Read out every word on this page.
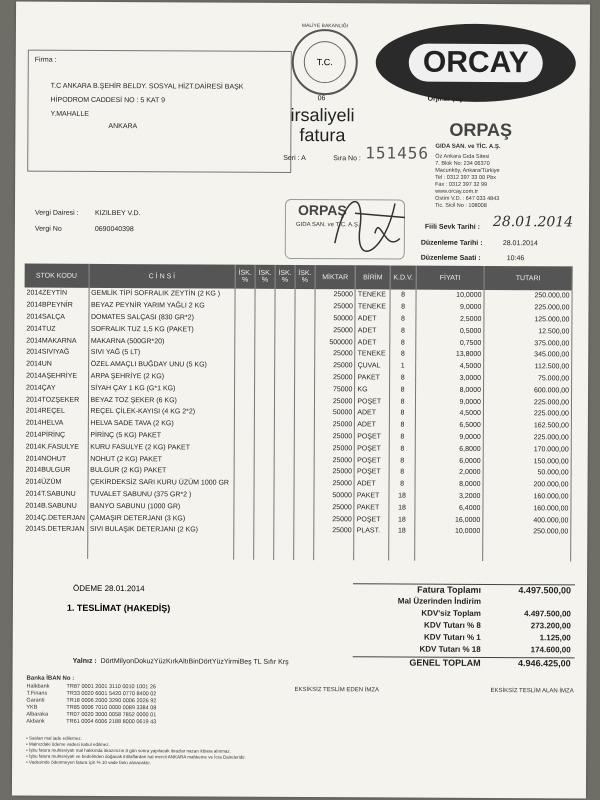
Firma :
T.C ANKARA B.ŞEHİR BELDY. SOSYAL HİZT.DAİRESİ BAŞK
HİPODROM CADDESİ NO : 5 KAT 9
Y.MAHALLE
ANKARA
Vergi Dairesi : KIZILBEY V.D.
Vergi No	0690040398
T.C.
MALİYE BAKANLIĞI
06
irsaliyeli
fatura
Seri : A	Sıra No : 151456
ORCAY
Orjinal çay
ORPAŞ
GIDA SAN. ve TİC. A.Ş.
Öz Ankara Gıda Sitesi
7. Blok No: 234 06370
Macunköy, Ankara/Türkiye
Tel : 0312 397 33 00 Pbx
Fax : 0312 397 32 99
www.orcay.com.tr
Ostim V.D. : 647 033 4843
Tic. Sicil No : 108008
ORPAŞ
GIDA SAN. ve TİC. A.Ş.	Fiili Sevk Tarihi : 28.01.2014
Düzenleme Tarihi :	28.01.2014
Düzenleme Saati :	10:46
STOK KODU	C İ N S İ	İSK. %	İSK. %	İSK. %	İSK. %	MİKTAR	BİRİM	K.D.V.	FİYATI	TUTARI
2014ZEYTİN	GEMLİK TİPİ SOFRALIK ZEYTİN (2 KG )					25000	TENEKE	8	10,0000	250.000,00
2014BPEYNİR	BEYAZ PEYNİR YARIM YAĞLI 2 KG					25000	TENEKE	8	9,0000	225.000,00
2014SALÇA	DOMATES SALÇASI (830 GR*2)					50000	ADET	8	2,5000	125.000,00
2014TUZ	SOFRALIK TUZ 1,5 KG (PAKET)					25000	ADET	8	0,5000	12.500,00
2014MAKARNA	MAKARNA (500GR*20)					500000	ADET	8	0,7500	375.000,00
2014SIVIYAĞ	SIVI YAĞ (5 LT)					25000	TENEKE	8	13,8000	345.000,00
2014UN	ÖZEL AMAÇLI BUĞDAY UNU (5 KG)					25000	ÇUVAL	1	4,5000	112.500,00
2014AŞEHRİYE	ARPA ŞEHRİYE (2 KG)					25000	PAKET	8	3,0000	75.000,00
2014ÇAY	SİYAH ÇAY 1 KG (G*1 KG)					75000	KG	8	8,0000	600.000,00
2014TOZŞEKER	BEYAZ TOZ ŞEKER (6 KG)					25000	POŞET	8	9,0000	225.000,00
2014REÇEL	REÇEL ÇİLEK-KAYISI (4 KG 2*2)					50000	ADET	8	4,5000	225.000,00
2014HELVA	HELVA SADE TAVA (2 KG)					25000	ADET	8	6,5000	162.500,00
2014PİRİNÇ	PİRİNÇ (5 KG) PAKET					25000	POŞET	8	9,0000	225.000,00
2014K.FASULYE	KURU FASULYE (2 KG) PAKET					25000	POŞET	8	6,8000	170.000,00
2014NOHUT	NOHUT (2 KG) PAKET					25000	POŞET	8	6,0000	150.000,00
2014BULGUR	BULGUR (2 KG) PAKET					25000	POŞET	8	2,0000	50.000,00
2014ÜZÜM	ÇEKİRDEKSİZ SARI KURU ÜZÜM 1000 GR					25000	ADET	8	8,0000	200.000,00
2014T.SABUNU	TUVALET SABUNU (375 GR*2 )					50000	PAKET	18	3,2000	160.000,00
2014B.SABUNU	BANYO SABUNU (1000 GR)					25000	PAKET	18	6,4000	160.000,00
2014Ç.DETERJAN	ÇAMAŞIR DETERJANI (3 KG)					25000	POŞET	18	16,0000	400.000,00
2014S.DETERJAN	SIVI BULAŞIK DETERJANI (2 KG)					25000	PLAST.	18	10,0000	250.000,00

ÖDEME 28.01.2014
1. TESLİMAT (HAKEDİŞ)
Yalnız : DörtMilyonDokuzYüzKırkAltıBinDörtYüzYirmiBeş TL Sıfır Krş
Fatura Toplamı	4.497.500,00
Mal Üzerinden İndirim
KDV'siz Toplam	4.497.500,00
KDV Tutarı % 8	273.200,00
KDV Tutarı % 1	1.125,00
KDV Tutarı % 18	174.600,00
GENEL TOPLAM	4.946.425,00
Banka İBAN No :
Halkbank	TR87 0001 2001 3110 0010 1001 26
T.Finans	TR33 0020 6001 5420 0770 8400 02
Garanti	TR18 0006 2000 3290 0006 2026 92
YKB	TR85 0006 7010 0000 0089 3384 08
Albaraka	TR07 0020 3000 0058 7852 0000 01
Akbank	TR61 0004 6006 2188 8000 0619 43
• Satılan mal iade edilemez.
• Malnızdaki ödeme vadesi kabul edilmez.
• İşbu fatura muhteviyatı mal hakkında itirazınızın 8 gün sonra yapılacak itirazlar nazarı itibara alınmaz.
• İşbu fatura muhteviyatı ve bedelinden doğacak ihtilaflardan hal mercii ANKARA mahkeme ve İcra Daireleridir.
• Vadesinde ödenmeyen fatura için % 10 vade farkı alınacaktır.
EKSİKSİZ TESLİM EDEN İMZA	EKSİKSİZ TESLİM ALAN İMZA
